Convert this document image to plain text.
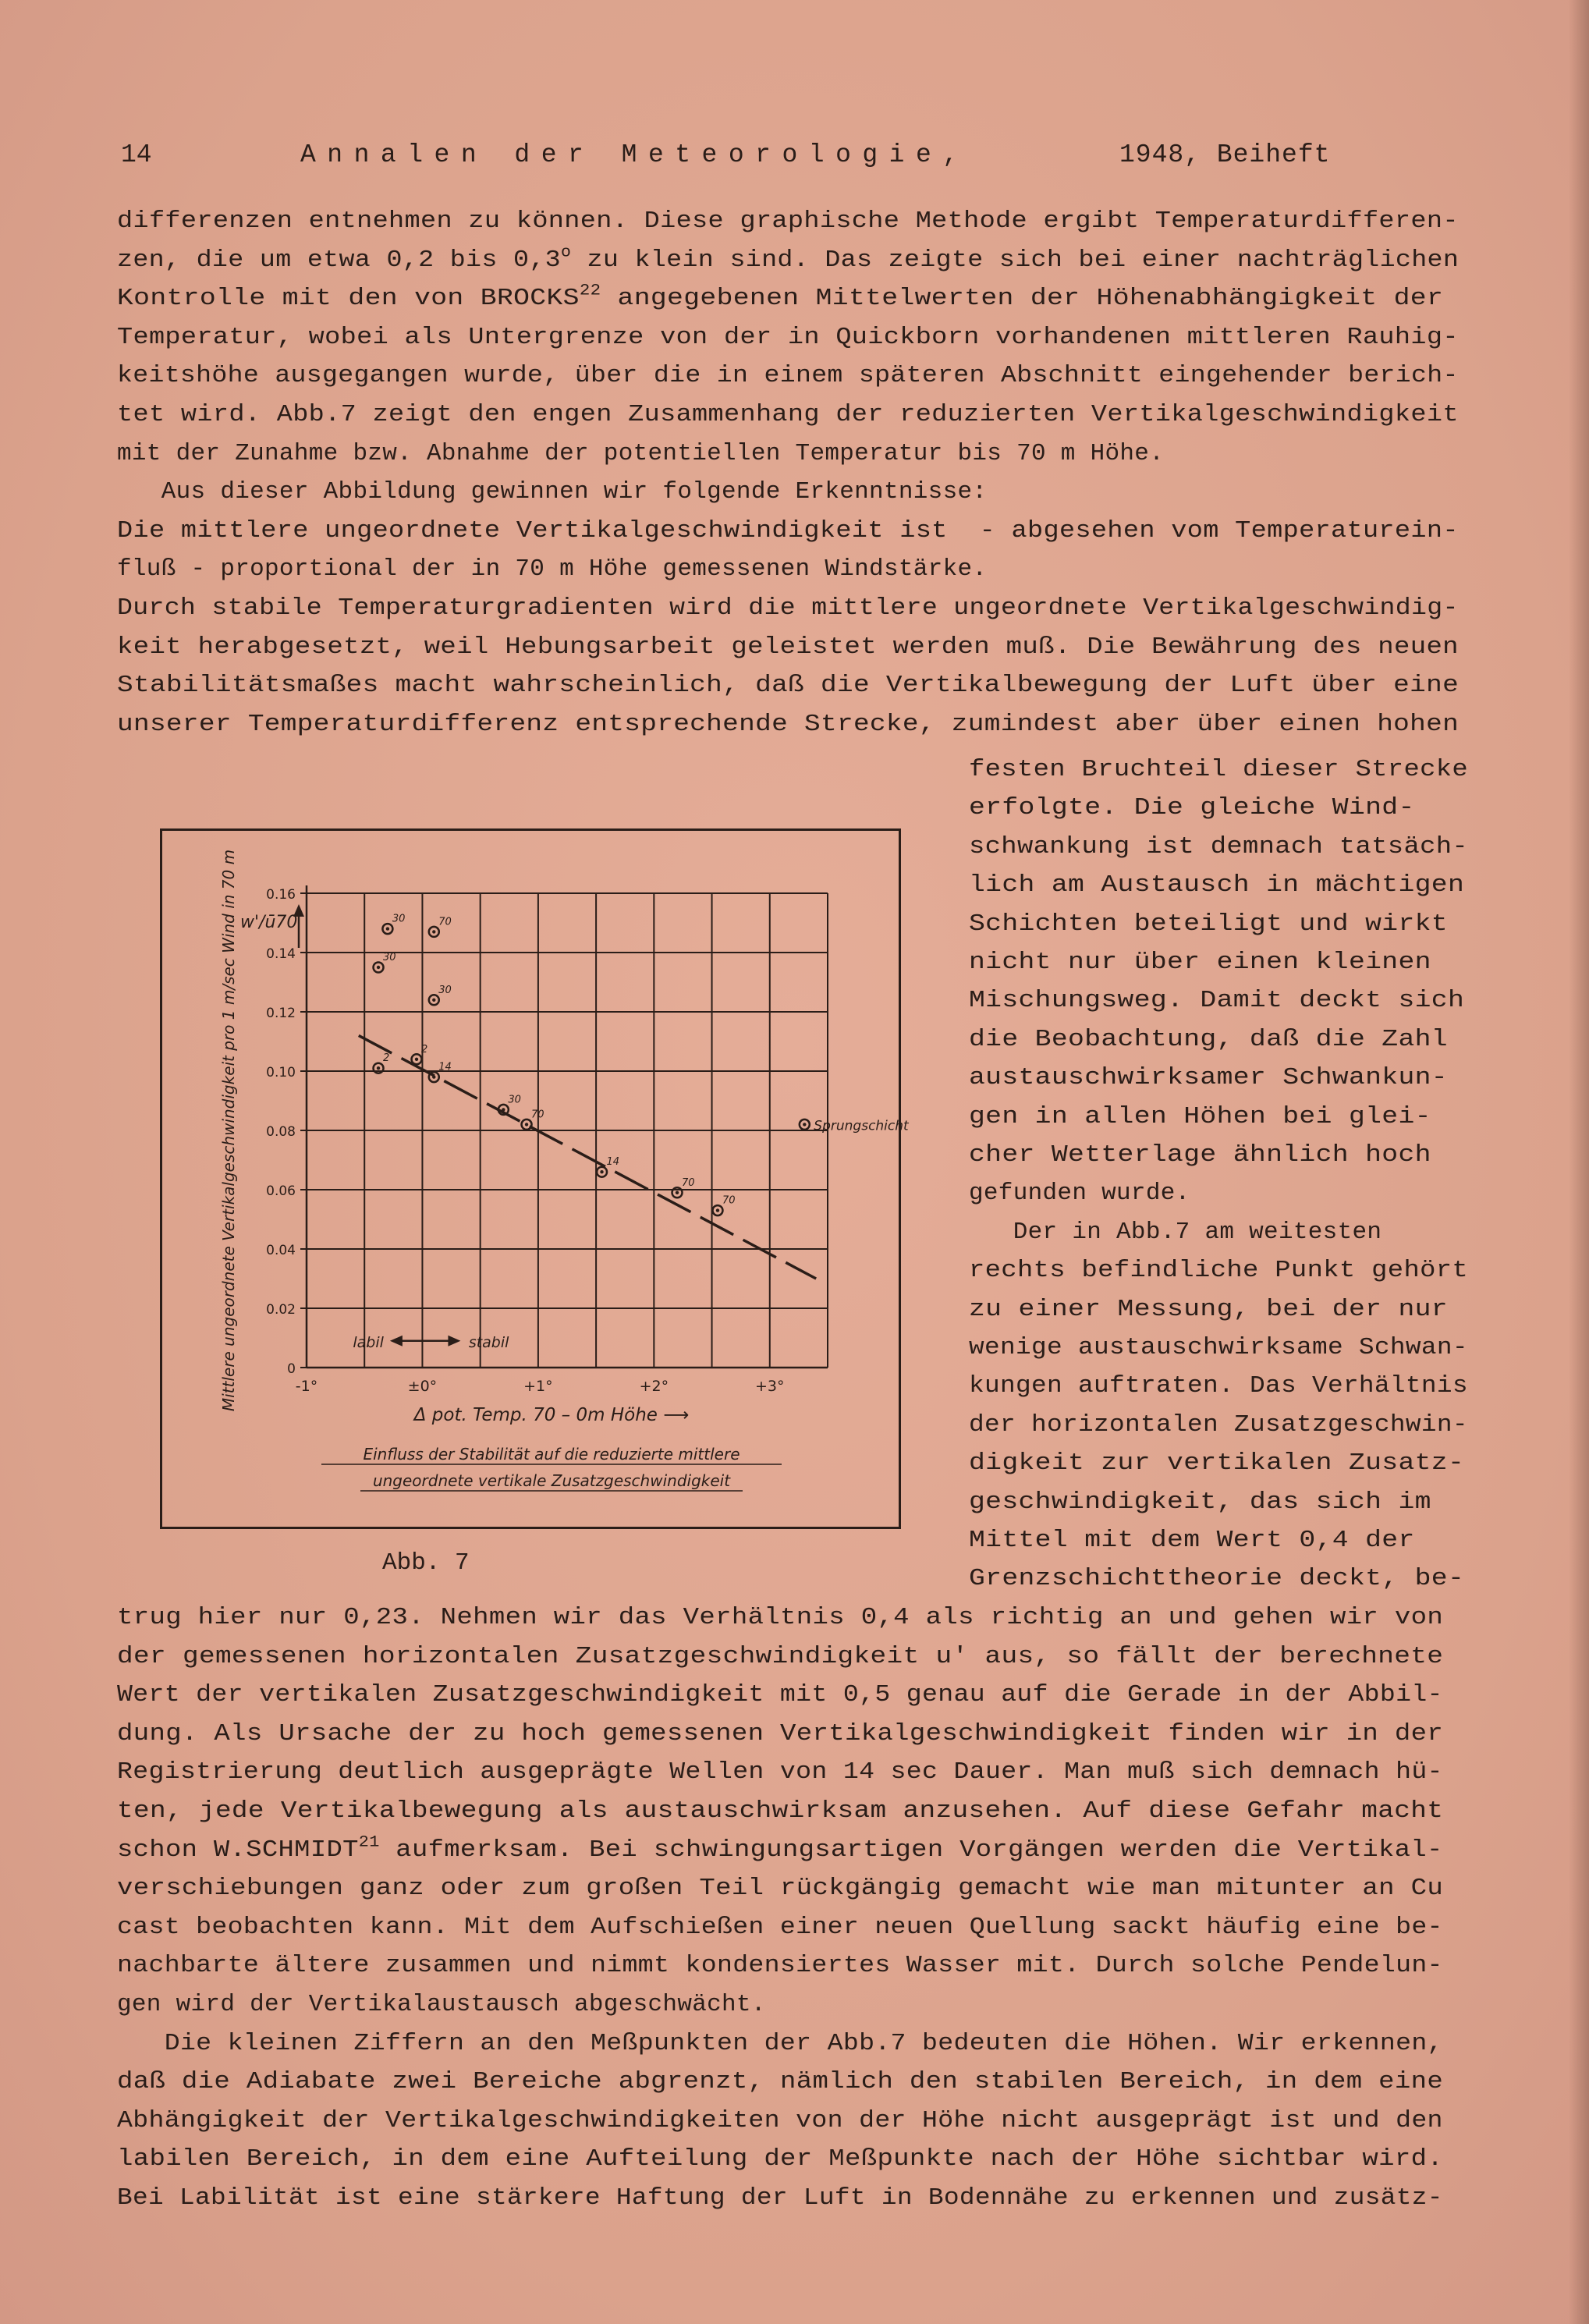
14	Annalen der Meteorologie,	1948, Beiheft
differenzen entnehmen zu können. Diese graphische Methode ergibt Temperaturdifferen-
zen, die um etwa 0,2 bis 0,3$^o$ zu klein sind. Das zeigte sich bei einer nachträglichen
Kontrolle mit den von BROCKS$^{22}$ angegebenen Mittelwerten der Höhenabhängigkeit der
Temperatur, wobei als Untergrenze von der in Quickborn vorhandenen mittleren Rauhig-
keitshöhe ausgegangen wurde, über die in einem späteren Abschnitt eingehender berich-
tet wird. Abb.7 zeigt den engen Zusammenhang der reduzierten Vertikalgeschwindigkeit
mit der Zunahme bzw. Abnahme der potentiellen Temperatur bis 70 m Höhe.
Aus dieser Abbildung gewinnen wir folgende Erkenntnisse:
Die mittlere ungeordnete Vertikalgeschwindigkeit ist  - abgesehen vom Temperaturein-
fluß - proportional der in 70 m Höhe gemessenen Windstärke.
Durch stabile Temperaturgradienten wird die mittlere ungeordnete Vertikalgeschwindig-
keit herabgesetzt, weil Hebungsarbeit geleistet werden muß. Die Bewährung des neuen
Stabilitätsmaßes macht wahrscheinlich, daß die Vertikalbewegung der Luft über eine
unserer Temperaturdifferenz entsprechende Strecke, zumindest aber über einen hohen
festen Bruchteil dieser Strecke
erfolgte. Die gleiche Wind-
schwankung ist demnach tatsäch-
lich am Austausch in mächtigen
Schichten beteiligt und wirkt
nicht nur über einen kleinen
Mischungsweg. Damit deckt sich
die Beobachtung, daß die Zahl
austauschwirksamer Schwankun-
gen in allen Höhen bei glei-
cher Wetterlage ähnlich hoch
gefunden wurde.
Der in Abb.7 am weitesten
rechts befindliche Punkt gehört
zu einer Messung, bei der nur
wenige austauschwirksame Schwan-
kungen auftraten. Das Verhältnis
der horizontalen Zusatzgeschwin-
digkeit zur vertikalen Zusatz-
geschwindigkeit, das sich im
Mittel mit dem Wert 0,4 der
Grenzschichttheorie deckt, be-
trug hier nur 0,23. Nehmen wir das Verhältnis 0,4 als richtig an und gehen wir von
der gemessenen horizontalen Zusatzgeschwindigkeit u' aus, so fällt der berechnete
Wert der vertikalen Zusatzgeschwindigkeit mit 0,5 genau auf die Gerade in der Abbil-
dung. Als Ursache der zu hoch gemessenen Vertikalgeschwindigkeit finden wir in der
Registrierung deutlich ausgeprägte Wellen von 14 sec Dauer. Man muß sich demnach hü-
ten, jede Vertikalbewegung als austauschwirksam anzusehen. Auf diese Gefahr macht
schon W.SCHMIDT$^{21}$ aufmerksam. Bei schwingungsartigen Vorgängen werden die Vertikal-
verschiebungen ganz oder zum großen Teil rückgängig gemacht wie man mitunter an Cu
cast beobachten kann. Mit dem Aufschießen einer neuen Quellung sackt häufig eine be-
nachbarte ältere zusammen und nimmt kondensiertes Wasser mit. Durch solche Pendelun-
gen wird der Vertikalaustausch abgeschwächt.
Die kleinen Ziffern an den Meßpunkten der Abb.7 bedeuten die Höhen. Wir erkennen,
daß die Adiabate zwei Bereiche abgrenzt, nämlich den stabilen Bereich, in dem eine
Abhängigkeit der Vertikalgeschwindigkeiten von der Höhe nicht ausgeprägt ist und den
labilen Bereich, in dem eine Aufteilung der Meßpunkte nach der Höhe sichtbar wird.
Bei Labilität ist eine stärkere Haftung der Luft in Bodennähe zu erkennen und zusätz-
0
0.02
0.04
0.06
0.08
0.10
0.12
0.14
0.16
-1°	±0°	+1°	+2°	+3°
30
30
70
30
2
2
14
30
70
14
70
70
Sprungschicht
w'/ū70
Mittlere ungeordnete Vertikalgeschwindigkeit pro 1 m/sec Wind in 70 m	labil	stabil
Δ pot. Temp. 70 – 0m Höhe ⟶
Einfluss der Stabilität auf die reduzierte mittlere
ungeordnete vertikale Zusatzgeschwindigkeit
Abb. 7
